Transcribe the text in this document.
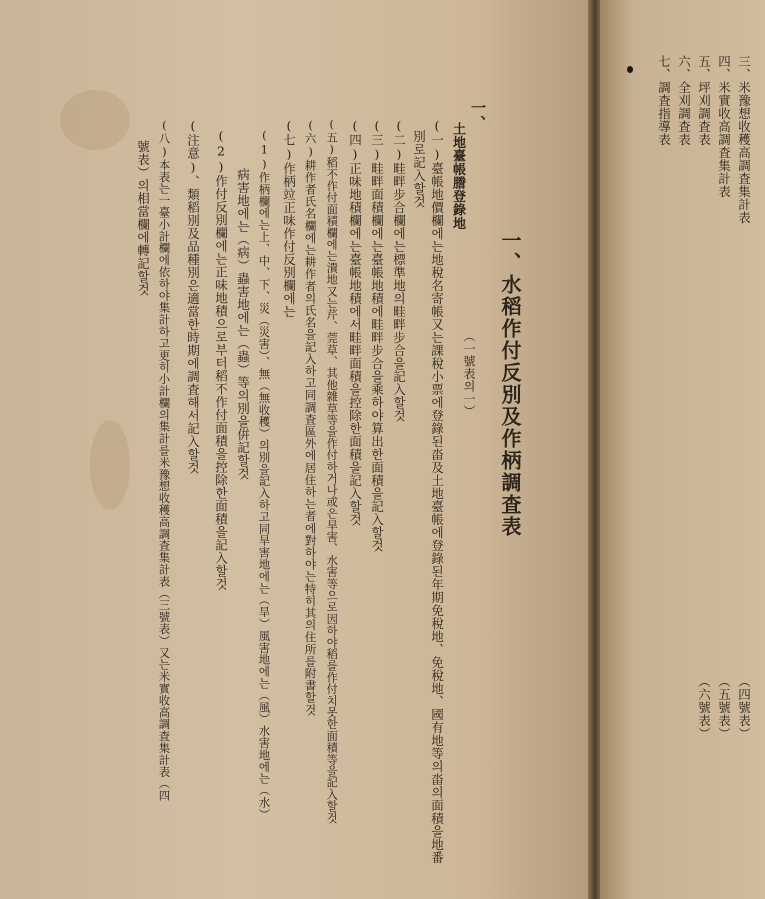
一、水稻作付反別及作柄調査表
（一號表의一）
一、
土地臺帳謄登錄地
(一)臺帳地價欄에는地稅名寄帳又는課稅小票에登錄된畓及土地臺帳에登錄된年期免稅地、免稅地、國有地等의畓의面積을地番
別로記入할것
(二)畦畔步合欄에는標準地의畦畔步合을記入할것
(三)畦畔面積欄에는臺帳地積에畦畔步合을乘하야算出한面積을記入할것
(四)正味地積欄에는臺帳地積에서畦畔面積을控除한面積을記入할것
(五)稻不作付面積欄에는潰地又는芹、莞草、其他雜草等을作付하거나或은旱害、水害等으로因하야稻를作付치못한面積等을記入할것
(六)耕作者氏名欄에는耕作者의氏名을記入하고同調査區外에居住하는者에對하야는特히其의住所를附書할것
(七)作柄竝正味作付反別欄에는
(1)作柄欄에는上、中、下、災（災害）、無（無收穫）의別을記入하고同旱害地에는（旱）風害地에는（風）水害地에는（水）
病害地에는（病）蟲害地에는（蟲）等의別을倂記할것
(2)作付反別欄에는正味地積으로부터稻不作付面積을控除한面積을記入할것
(注意)、類稻別及品種別은適當한時期에調査해서記入할것
(八)本表는一臺小計欄에依하야集計하고更히小計欄의集計를米豫想收穫高調査集計表（三號表）又는米實收高調査集計表（四
號表）의相當欄에轉記할것	三、米豫想收穫高調査集計表
四、米實收高調査集計表
五、坪刈調査表
六、全刈調査表
七、調査指導表
（四號表）
（五號表）
（六號表）
